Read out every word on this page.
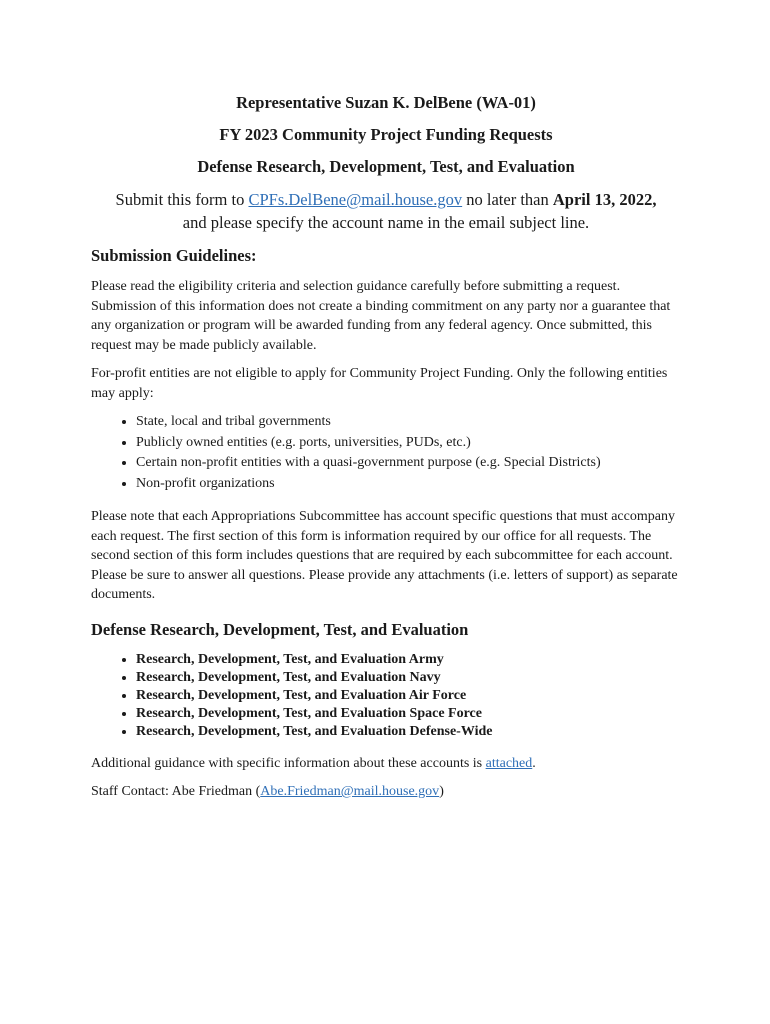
Representative Suzan K. DelBene (WA-01)
FY 2023 Community Project Funding Requests
Defense Research, Development, Test, and Evaluation
Submit this form to CPFs.DelBene@mail.house.gov no later than April 13, 2022,
and please specify the account name in the email subject line.
Submission Guidelines:

Please read the eligibility criteria and selection guidance carefully before submitting a request. Submission of this information does not create a binding commitment on any party nor a guarantee that any organization or program will be awarded funding from any federal agency. Once submitted, this request may be made publicly available.

For-profit entities are not eligible to apply for Community Project Funding. Only the following entities may apply:

• State, local and tribal governments
• Publicly owned entities (e.g. ports, universities, PUDs, etc.)
• Certain non-profit entities with a quasi-government purpose (e.g. Special Districts)
• Non-profit organizations

Please note that each Appropriations Subcommittee has account specific questions that must accompany each request. The first section of this form is information required by our office for all requests. The second section of this form includes questions that are required by each subcommittee for each account. Please be sure to answer all questions. Please provide any attachments (i.e. letters of support) as separate documents.

Defense Research, Development, Test, and Evaluation
• Research, Development, Test, and Evaluation Army
• Research, Development, Test, and Evaluation Navy
• Research, Development, Test, and Evaluation Air Force
• Research, Development, Test, and Evaluation Space Force
• Research, Development, Test, and Evaluation Defense-Wide

Additional guidance with specific information about these accounts is attached.

Staff Contact: Abe Friedman (Abe.Friedman@mail.house.gov)
